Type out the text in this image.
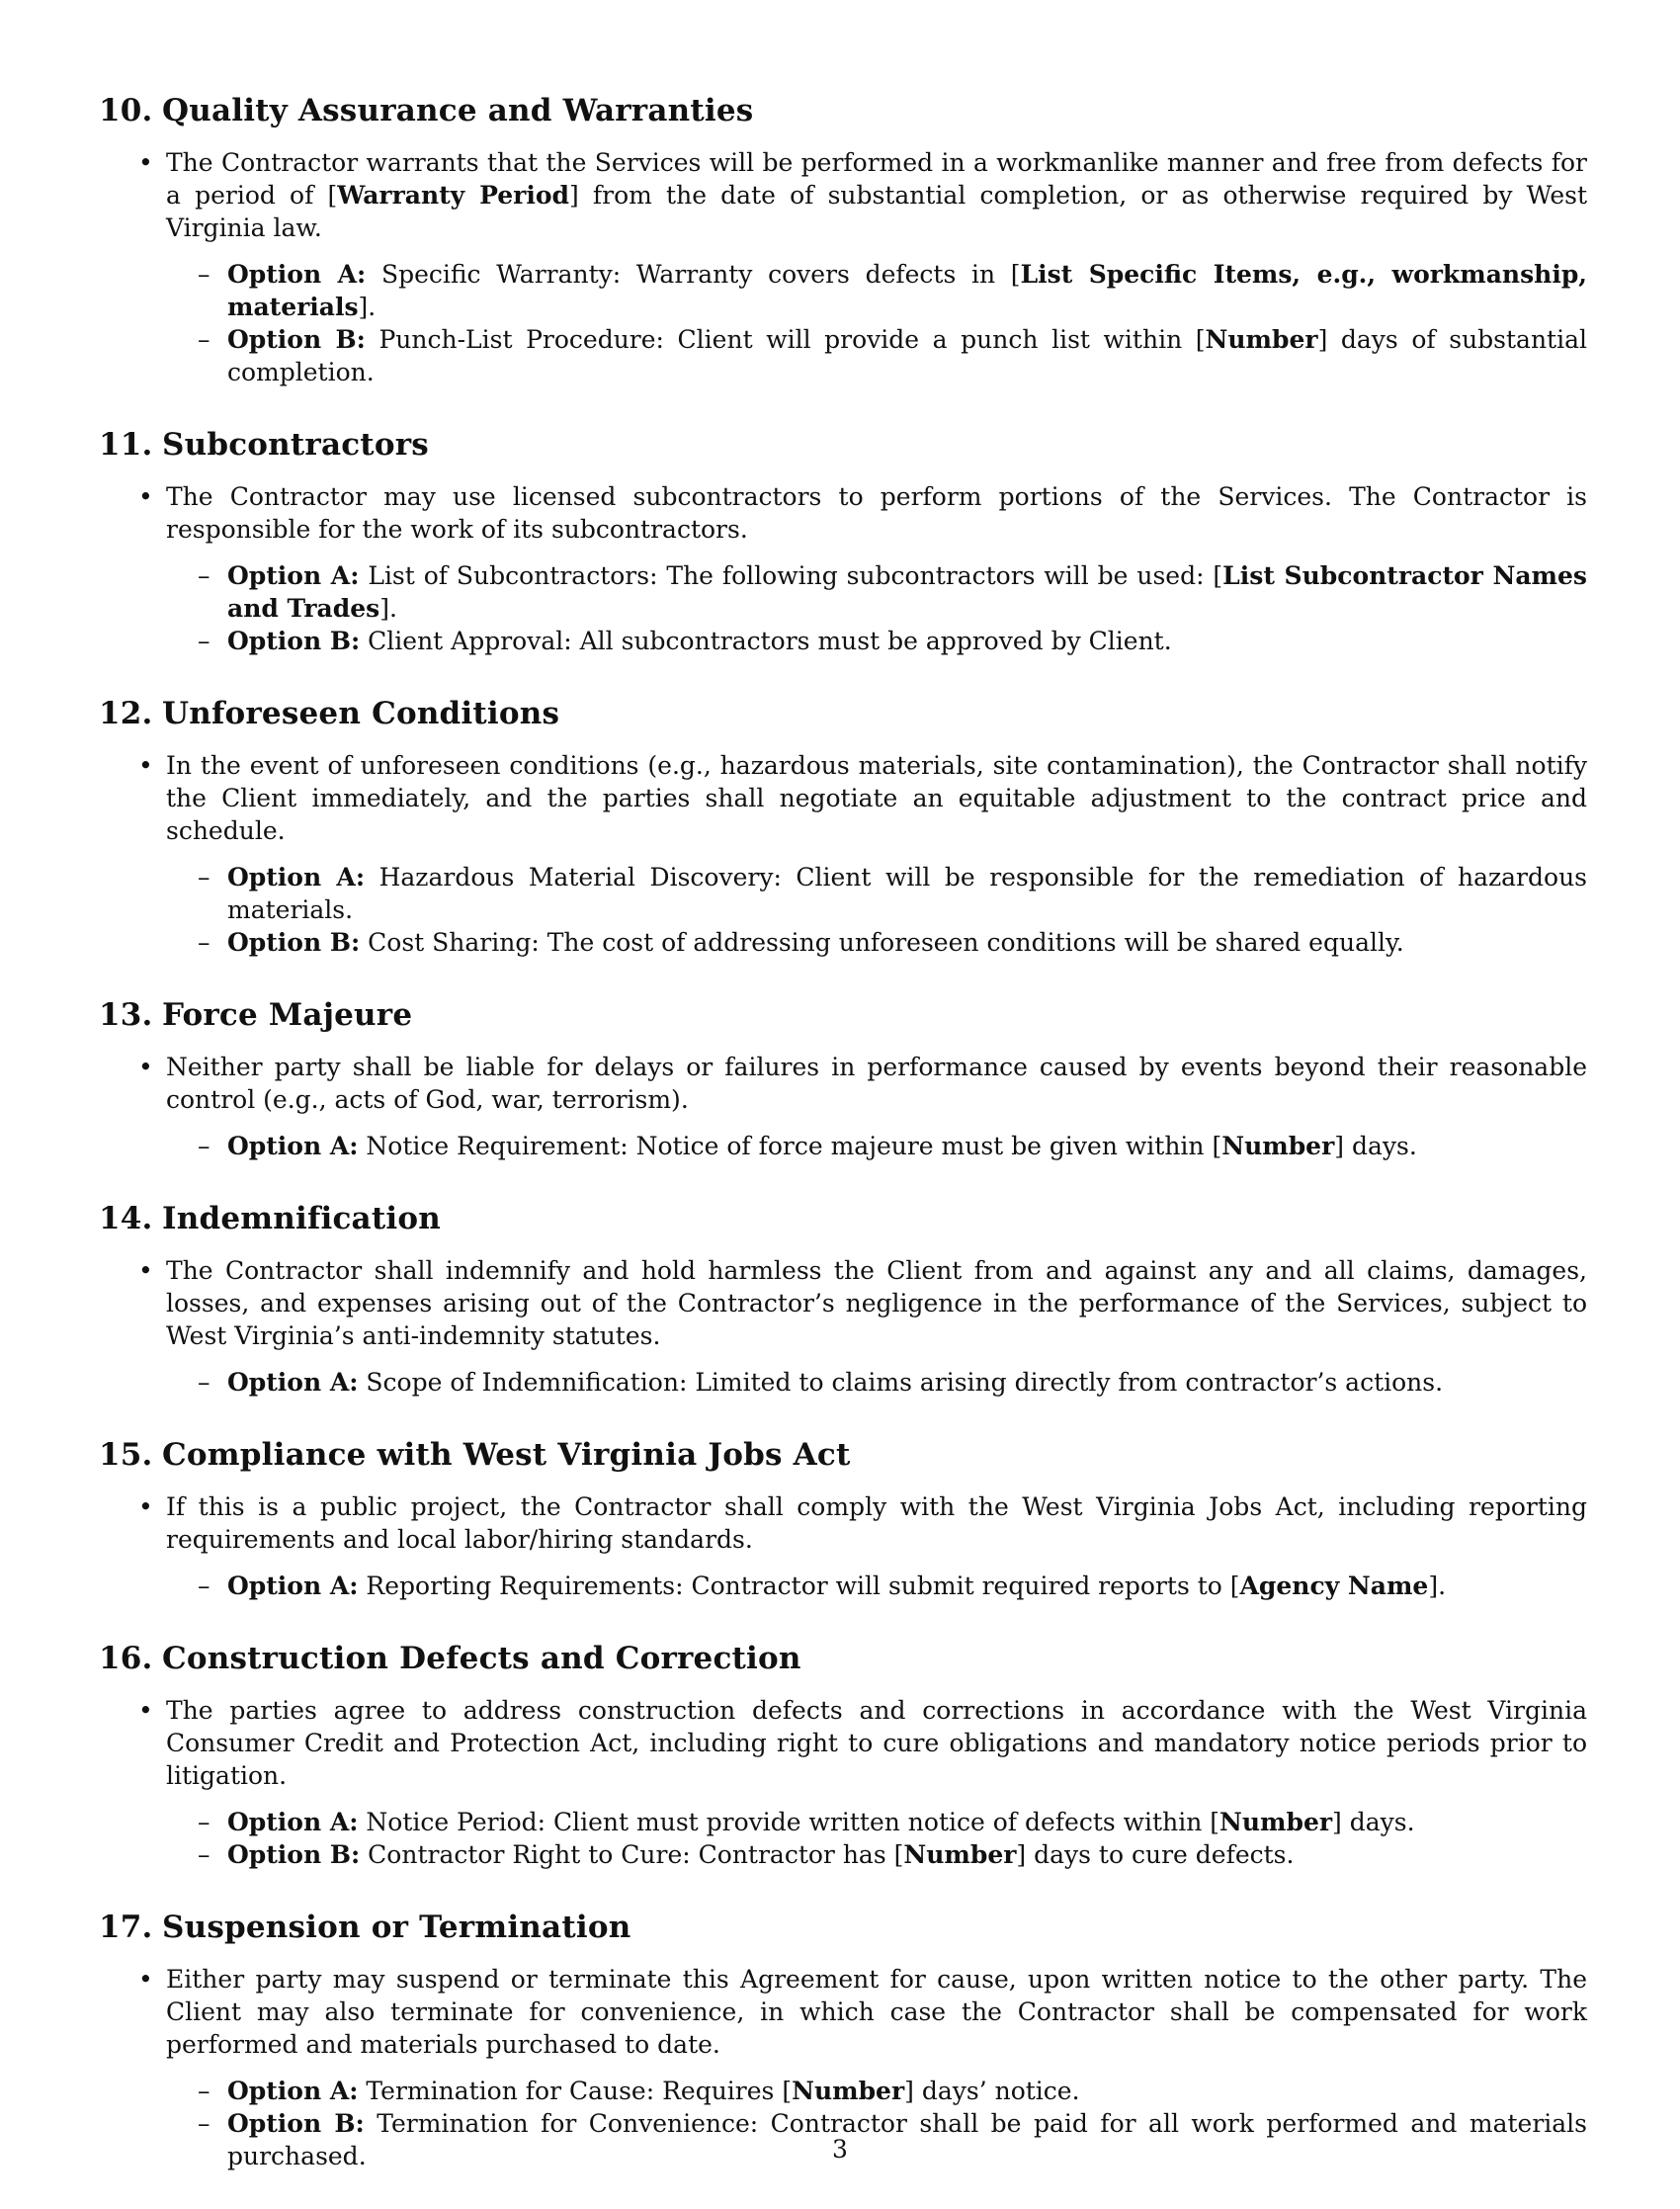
10. Quality Assurance and Warranties
• The Contractor warrants that the Services will be performed in a workmanlike manner and free from defects for a period of [Warranty Period] from the date of substantial completion, or as otherwise required by West Virginia law.
– Option A: Specific Warranty: Warranty covers defects in [List Specific Items, e.g., workmanship, materials].
– Option B: Punch-List Procedure: Client will provide a punch list within [Number] days of substantial completion.
11. Subcontractors
• The Contractor may use licensed subcontractors to perform portions of the Services. The Contractor is responsible for the work of its subcontractors.
– Option A: List of Subcontractors: The following subcontractors will be used: [List Subcontractor Names and Trades].
– Option B: Client Approval: All subcontractors must be approved by Client.
12. Unforeseen Conditions
• In the event of unforeseen conditions (e.g., hazardous materials, site contamination), the Contractor shall notify the Client immediately, and the parties shall negotiate an equitable adjustment to the contract price and schedule.
– Option A: Hazardous Material Discovery: Client will be responsible for the remediation of hazardous materials.
– Option B: Cost Sharing: The cost of addressing unforeseen conditions will be shared equally.
13. Force Majeure
• Neither party shall be liable for delays or failures in performance caused by events beyond their reasonable control (e.g., acts of God, war, terrorism).
– Option A: Notice Requirement: Notice of force majeure must be given within [Number] days.
14. Indemnification
• The Contractor shall indemnify and hold harmless the Client from and against any and all claims, damages, losses, and expenses arising out of the Contractor’s negligence in the performance of the Services, subject to West Virginia’s anti-indemnity statutes.
– Option A: Scope of Indemnification: Limited to claims arising directly from contractor’s actions.
15. Compliance with West Virginia Jobs Act
• If this is a public project, the Contractor shall comply with the West Virginia Jobs Act, including reporting requirements and local labor/hiring standards.
– Option A: Reporting Requirements: Contractor will submit required reports to [Agency Name].
16. Construction Defects and Correction
• The parties agree to address construction defects and corrections in accordance with the West Virginia Consumer Credit and Protection Act, including right to cure obligations and mandatory notice periods prior to litigation.
– Option A: Notice Period: Client must provide written notice of defects within [Number] days.
– Option B: Contractor Right to Cure: Contractor has [Number] days to cure defects.
17. Suspension or Termination
• Either party may suspend or terminate this Agreement for cause, upon written notice to the other party. The Client may also terminate for convenience, in which case the Contractor shall be compensated for work performed and materials purchased to date.
– Option A: Termination for Cause: Requires [Number] days’ notice.
– Option B: Termination for Convenience: Contractor shall be paid for all work performed and materials purchased.	3
